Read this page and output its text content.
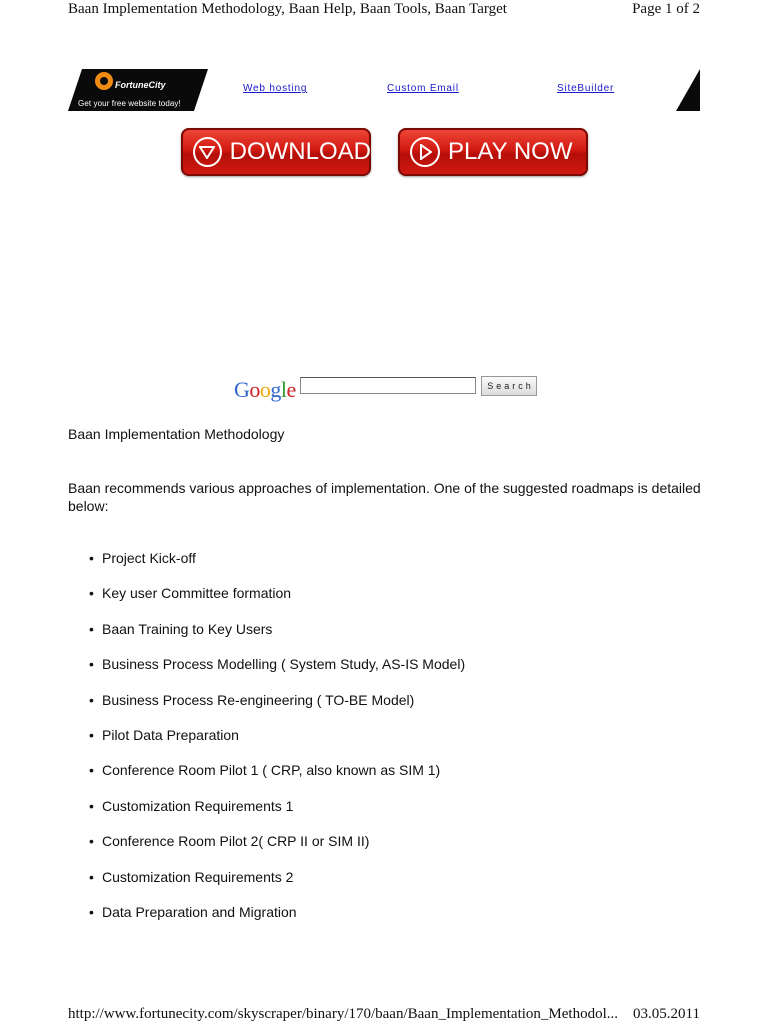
Baan Implementation Methodology, Baan Help, Baan Tools, Baan Target	Page 1 of 2
FortuneCity
Get your free website today!
Web hosting	Custom Email	SiteBuilder
DOWNLOAD	PLAY NOW
Google	Search
Baan Implementation Methodology
Baan recommends various approaches of implementation. One of the suggested roadmaps is detailed below:
• Project Kick-off
• Key user Committee formation
• Baan Training to Key Users
• Business Process Modelling ( System Study, AS-IS Model)
• Business Process Re-engineering ( TO-BE Model)
• Pilot Data Preparation
• Conference Room Pilot 1 ( CRP, also known as SIM 1)
• Customization Requirements 1
• Conference Room Pilot 2( CRP II or SIM II)
• Customization Requirements 2
• Data Preparation and Migration
http://www.fortunecity.com/skyscraper/binary/170/baan/Baan_Implementation_Methodol... 03.05.2011
